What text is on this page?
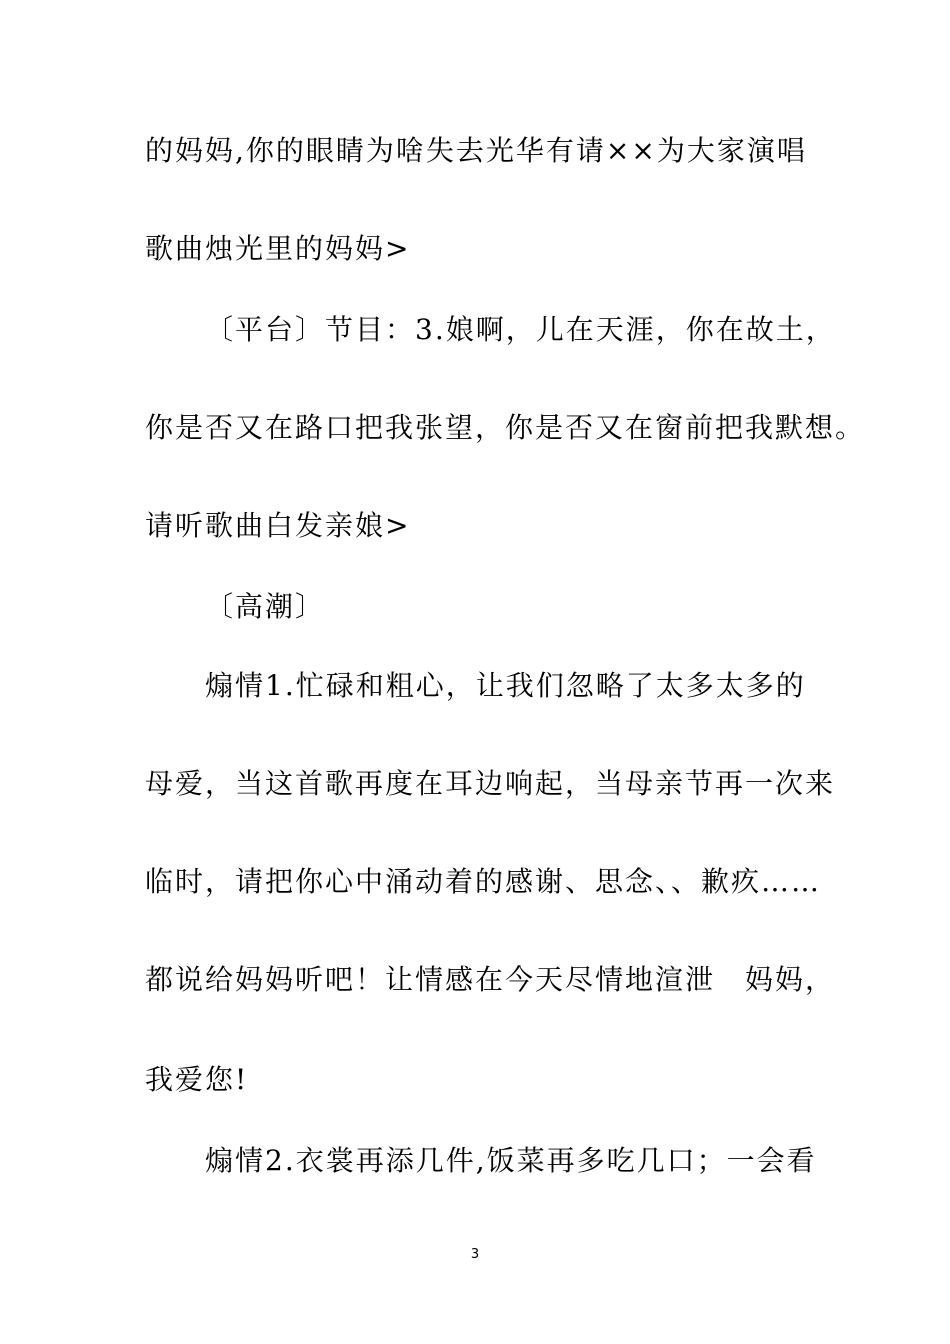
的妈妈,你的眼睛为啥失去光华有请××为大家演唱
歌曲烛光里的妈妈>
〔平台〕节目：3.娘啊，儿在天涯，你在故土，
你是否又在路口把我张望，你是否又在窗前把我默想。
请听歌曲白发亲娘>
〔高潮〕
煽情1.忙碌和粗心，让我们忽略了太多太多的
母爱，当这首歌再度在耳边响起，当母亲节再一次来
临时，请把你心中涌动着的感谢、思念、、歉疚……
都说给妈妈听吧！让情感在今天尽情地渲泄　妈妈，
我爱您!
煽情2.衣裳再添几件,饭菜再多吃几口；一会看
3
